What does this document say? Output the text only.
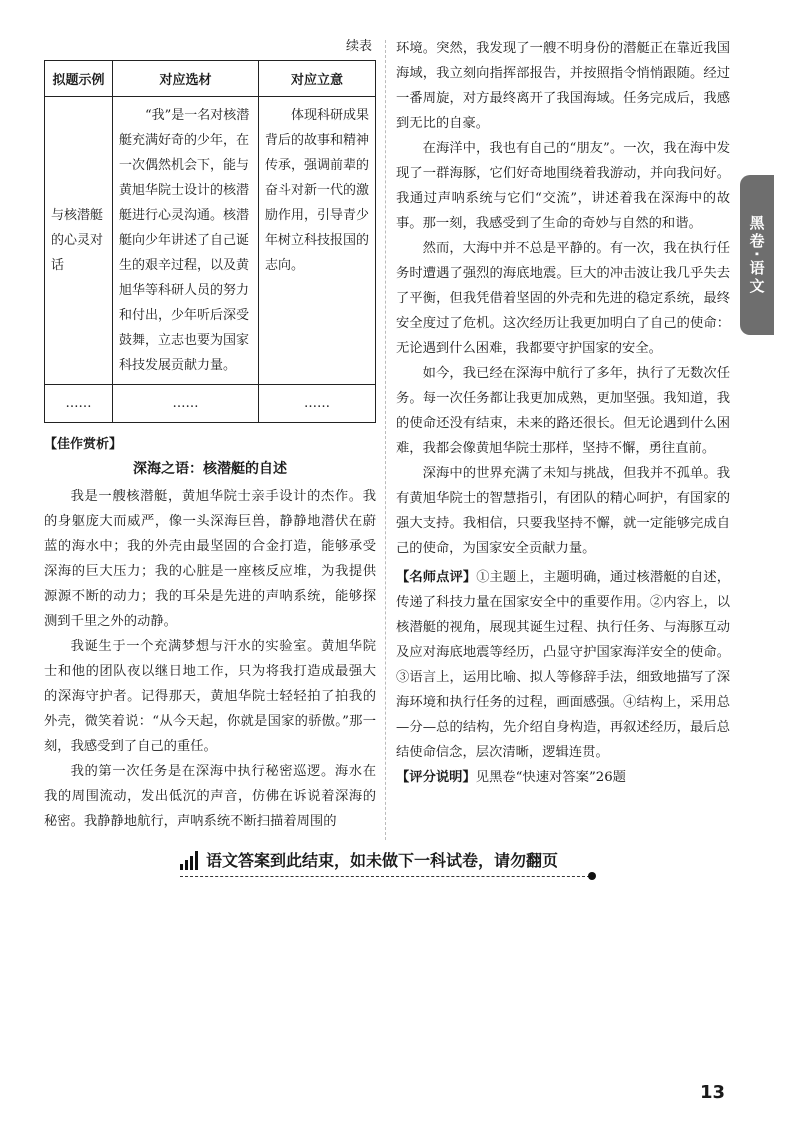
续表
拟题示例	对应选材	对应立意
与核潜艇的心灵对话	“我”是一名对核潜艇充满好奇的少年，在一次偶然机会下，能与黄旭华院士设计的核潜艇进行心灵沟通。核潜艇向少年讲述了自己诞生的艰辛过程，以及黄旭华等科研人员的努力和付出，少年听后深受鼓舞，立志也要为国家科技发展贡献力量。	体现科研成果背后的故事和精神传承，强调前辈的奋斗对新一代的激励作用，引导青少年树立科技报国的志向。
……	……	……
【佳作赏析】
深海之语：核潜艇的自述

我是一艘核潜艇，黄旭华院士亲手设计的杰作。我的身躯庞大而威严，像一头深海巨兽，静静地潜伏在蔚蓝的海水中；我的外壳由最坚固的合金打造，能够承受深海的巨大压力；我的心脏是一座核反应堆，为我提供源源不断的动力；我的耳朵是先进的声呐系统，能够探测到千里之外的动静。

我诞生于一个充满梦想与汗水的实验室。黄旭华院士和他的团队夜以继日地工作，只为将我打造成最强大的深海守护者。记得那天，黄旭华院士轻轻拍了拍我的外壳，微笑着说：“从今天起，你就是国家的骄傲。”那一刻，我感受到了自己的重任。

我的第一次任务是在深海中执行秘密巡逻。海水在我的周围流动，发出低沉的声音，仿佛在诉说着深海的秘密。我静静地航行，声呐系统不断扫描着周围的

环境。突然，我发现了一艘不明身份的潜艇正在靠近我国海域，我立刻向指挥部报告，并按照指令悄悄跟随。经过一番周旋，对方最终离开了我国海域。任务完成后，我感到无比的自豪。

在海洋中，我也有自己的“朋友”。一次，我在海中发现了一群海豚，它们好奇地围绕着我游动，并向我问好。我通过声呐系统与它们“交流”，讲述着我在深海中的故事。那一刻，我感受到了生命的奇妙与自然的和谐。

然而，大海中并不总是平静的。有一次，我在执行任务时遭遇了强烈的海底地震。巨大的冲击波让我几乎失去了平衡，但我凭借着坚固的外壳和先进的稳定系统，最终安全度过了危机。这次经历让我更加明白了自己的使命：无论遇到什么困难，我都要守护国家的安全。

如今，我已经在深海中航行了多年，执行了无数次任务。每一次任务都让我更加成熟，更加坚强。我知道，我的使命还没有结束，未来的路还很长。但无论遇到什么困难，我都会像黄旭华院士那样，坚持不懈，勇往直前。

深海中的世界充满了未知与挑战，但我并不孤单。我有黄旭华院士的智慧指引，有团队的精心呵护，有国家的强大支持。我相信，只要我坚持不懈，就一定能够完成自己的使命，为国家安全贡献力量。

【名师点评】①主题上，主题明确，通过核潜艇的自述，传递了科技力量在国家安全中的重要作用。②内容上，以核潜艇的视角，展现其诞生过程、执行任务、与海豚互动及应对海底地震等经历，凸显守护国家海洋安全的使命。③语言上，运用比喻、拟人等修辞手法，细致地描写了深海环境和执行任务的过程，画面感强。④结构上，采用总—分—总的结构，先介绍自身构造，再叙述经历，最后总结使命信念，层次清晰，逻辑连贯。
【评分说明】见黑卷“快速对答案”26题
黑卷·语文
语文答案到此结束，如未做下一科试卷，请勿翻页
13
